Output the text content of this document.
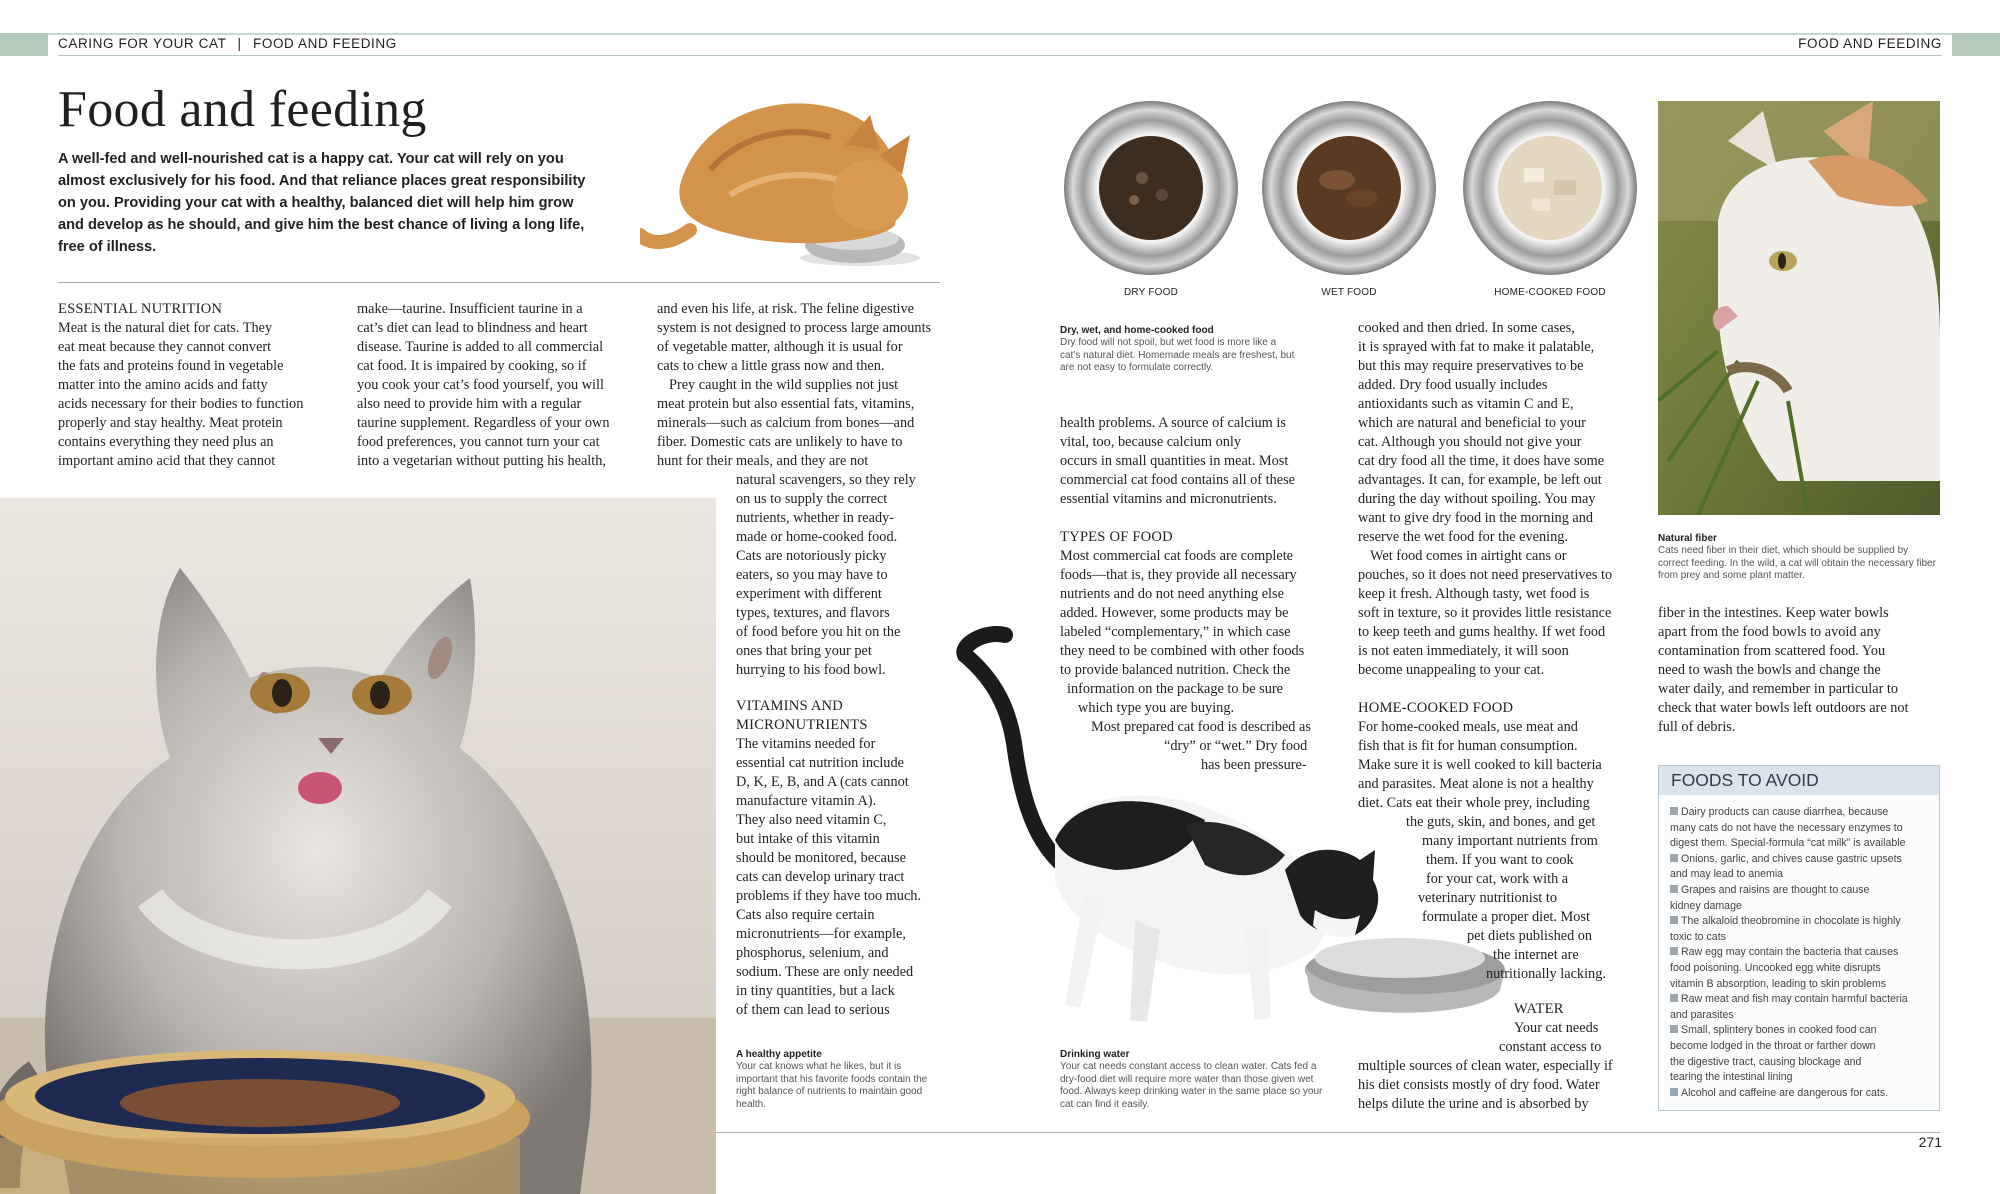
CARING FOR YOUR CAT | FOOD AND FEEDING	FOOD AND FEEDING
Food and feeding
A well-fed and well-nourished cat is a happy cat. Your cat will rely on you almost exclusively for his food. And that reliance places great responsibility on you. Providing your cat with a healthy, balanced diet will help him grow and develop as he should, and give him the best chance of living a long life, free of illness.
ESSENTIAL NUTRITION

Meat is the natural diet for cats. They

eat meat because they cannot convert

the fats and proteins found in vegetable

matter into the amino acids and fatty

acids necessary for their bodies to function

properly and stay healthy. Meat protein

contains everything they need plus an

important amino acid that they cannot

make—taurine. Insufficient taurine in a

cat’s diet can lead to blindness and heart

disease. Taurine is added to all commercial

cat food. It is impaired by cooking, so if

you cook your cat’s food yourself, you will

also need to provide him with a regular

taurine supplement. Regardless of your own

food preferences, you cannot turn your cat

into a vegetarian without putting his health,

and even his life, at risk. The feline digestive

system is not designed to process large amounts

of vegetable matter, although it is usual for

cats to chew a little grass now and then.

Prey caught in the wild supplies not just

meat protein but also essential fats, vitamins,

minerals—such as calcium from bones—and

fiber. Domestic cats are unlikely to have to

hunt for their meals, and they are not

natural scavengers, so they rely

on us to supply the correct

nutrients, whether in ready-

made or home-cooked food.

Cats are notoriously picky

eaters, so you may have to

experiment with different

types, textures, and flavors

of food before you hit on the

ones that bring your pet

hurrying to his food bowl.

VITAMINS AND
MICRONUTRIENTS

The vitamins needed for

essential cat nutrition include

D, K, E, B, and A (cats cannot

manufacture vitamin A).

They also need vitamin C,

but intake of this vitamin

should be monitored, because

cats can develop urinary tract

problems if they have too much.

Cats also require certain

micronutrients—for example,

phosphorus, selenium, and

sodium. These are only needed

in tiny quantities, but a lack

of them can lead to serious

A healthy appetite
Your cat knows what he likes, but it is important that his favorite foods contain the right balance of nutrients to maintain good health.
DRY FOOD	WET FOOD	HOME-COOKED FOOD
Dry, wet, and home-cooked food
Dry food will not spoil, but wet food is more like a cat’s natural diet. Homemade meals are freshest, but are not easy to formulate correctly.

health problems. A source of calcium is

vital, too, because calcium only

occurs in small quantities in meat. Most

commercial cat food contains all of these

essential vitamins and micronutrients.

TYPES OF FOOD

Most commercial cat foods are complete

foods—that is, they provide all necessary

nutrients and do not need anything else

added. However, some products may be

labeled “complementary,” in which case

they need to be combined with other foods

to provide balanced nutrition. Check the

information on the package to be sure

which type you are buying.

Most prepared cat food is described as

“dry” or “wet.” Dry food

has been pressure-

Drinking water
Your cat needs constant access to clean water. Cats fed a dry-food diet will require more water than those given wet food. Always keep drinking water in the same place so your cat can find it easily.

cooked and then dried. In some cases,

it is sprayed with fat to make it palatable,

but this may require preservatives to be

added. Dry food usually includes

antioxidants such as vitamin C and E,

which are natural and beneficial to your

cat. Although you should not give your

cat dry food all the time, it does have some

advantages. It can, for example, be left out

during the day without spoiling. You may

want to give dry food in the morning and

reserve the wet food for the evening.

Wet food comes in airtight cans or

pouches, so it does not need preservatives to

keep it fresh. Although tasty, wet food is

soft in texture, so it provides little resistance

to keep teeth and gums healthy. If wet food

is not eaten immediately, it will soon

become unappealing to your cat.

HOME-COOKED FOOD

For home-cooked meals, use meat and

fish that is fit for human consumption.

Make sure it is well cooked to kill bacteria

and parasites. Meat alone is not a healthy

diet. Cats eat their whole prey, including

the guts, skin, and bones, and get

many important nutrients from

them. If you want to cook

for your cat, work with a

veterinary nutritionist to

formulate a proper diet. Most

pet diets published on

the internet are

nutritionally lacking.

WATER

Your cat needs

constant access to

multiple sources of clean water, especially if

his diet consists mostly of dry food. Water

helps dilute the urine and is absorbed by

Natural fiber
Cats need fiber in their diet, which should be supplied by correct feeding. In the wild, a cat will obtain the necessary fiber from prey and some plant matter.

fiber in the intestines. Keep water bowls

apart from the food bowls to avoid any

contamination from scattered food. You

need to wash the bowls and change the

water daily, and remember in particular to

check that water bowls left outdoors are not

full of debris.

FOODS TO AVOID
Dairy products can cause diarrhea, because
many cats do not have the necessary enzymes to
digest them. Special-formula “cat milk” is available
Onions, garlic, and chives cause gastric upsets
and may lead to anemia
Grapes and raisins are thought to cause
kidney damage
The alkaloid theobromine in chocolate is highly
toxic to cats
Raw egg may contain the bacteria that causes
food poisoning. Uncooked egg white disrupts
vitamin B absorption, leading to skin problems
Raw meat and fish may contain harmful bacteria
and parasites
Small, splintery bones in cooked food can
become lodged in the throat or farther down
the digestive tract, causing blockage and
tearing the intestinal lining
Alcohol and caffeine are dangerous for cats.
271
